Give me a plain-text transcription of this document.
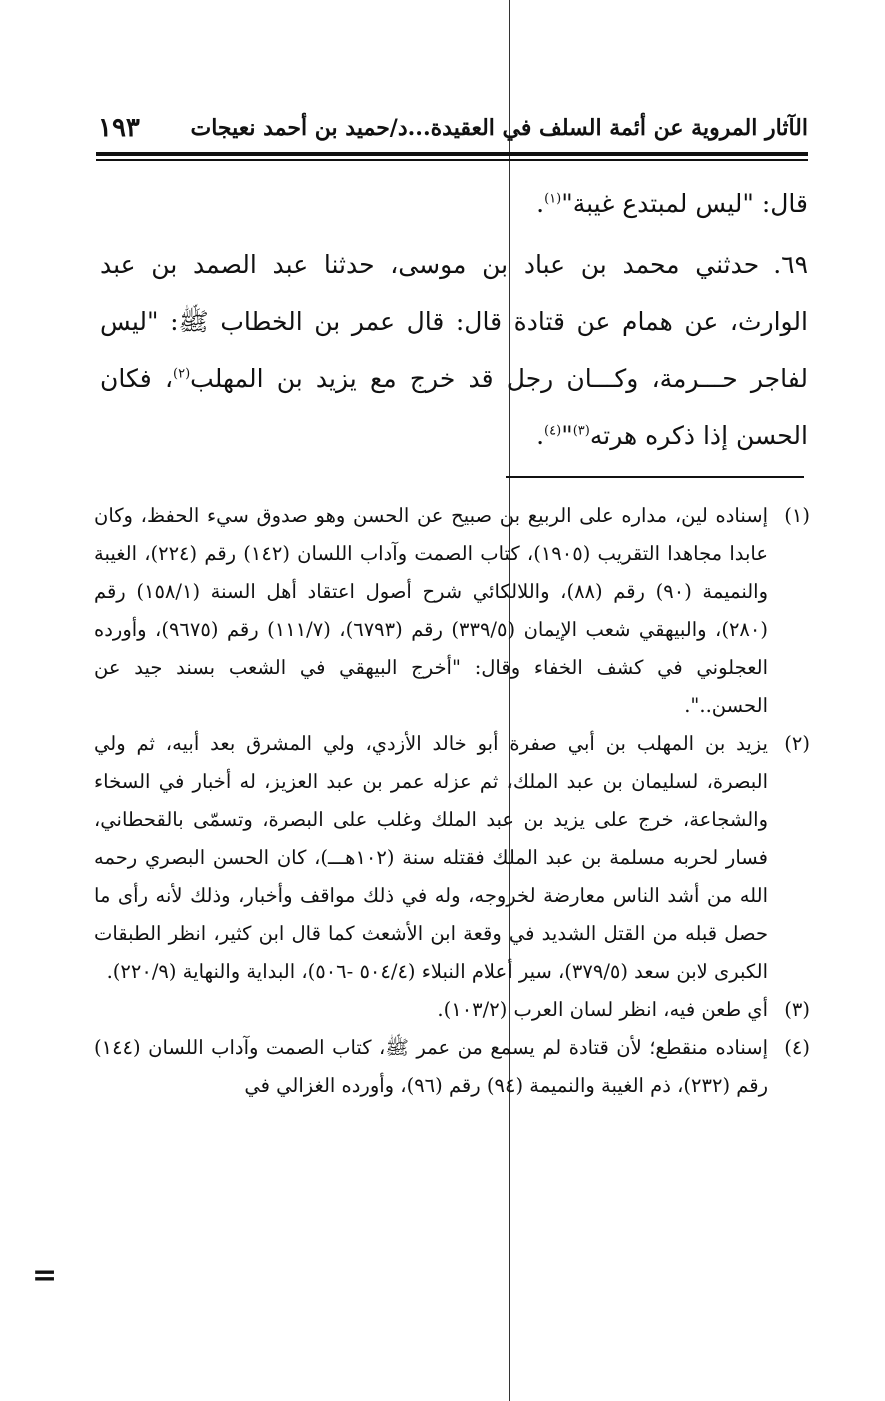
الآثار المروية عن أئمة السلف في العقيدة...د/حميد بن أحمد نعيجات
١٩٣

قال: "ليس لمبتدع غيبة"$^{(١)}$.

٦٩.حدثني محمد بن عباد بن موسى، حدثنا عبد الصمد بن عبد الوارث، عن همام عن قتادة قال: قال عمر بن الخطاب ﷺ: "ليس لفاجر حـــرمة، وكـــان رجل قد خرج مع يزيد بن المهلب$^{(٢)}$، فكان الحسن إذا ذكره هرته$^{(٣)}$"$^{(٤)}$.

(١)
إسناده لين، مداره على الربيع بن صبيح عن الحسن وهو صدوق سيء الحفظ، وكان عابدا مجاهدا التقريب (١٩٠٥)، كتاب الصمت وآداب اللسان (١٤٢) رقم (٢٢٤)، الغيبة والنميمة (٩٠) رقم (٨٨)، واللالكائي شرح أصول اعتقاد أهل السنة (١٥٨/١) رقم (٢٨٠)، والبيهقي شعب الإيمان (٣٣٩/٥) رقم (٦٧٩٣)، (١١١/٧) رقم (٩٦٧٥)، وأورده العجلوني في كشف الخفاء وقال: "أخرج البيهقي في الشعب بسند جيد عن الحسن..".

(٢)
يزيد بن المهلب بن أبي صفرة أبو خالد الأزدي، ولي المشرق بعد أبيه، ثم ولي البصرة، لسليمان بن عبد الملك، ثم عزله عمر بن عبد العزيز، له أخبار في السخاء والشجاعة، خرج على يزيد بن عبد الملك وغلب على البصرة، وتسمّى بالقحطاني، فسار لحربه مسلمة بن عبد الملك فقتله سنة (١٠٢هـــ)، كان الحسن البصري رحمه الله من أشد الناس معارضة لخروجه، وله في ذلك مواقف وأخبار، وذلك لأنه رأى ما حصل قبله من القتل الشديد في وقعة ابن الأشعث كما قال ابن كثير، انظر الطبقات الكبرى لابن سعد (٣٧٩/٥)، سير أعلام النبلاء (٥٠٤/٤ -٥٠٦)، البداية والنهاية (٢٢٠/٩).

(٣)
أي طعن فيه، انظر لسان العرب (١٠٣/٢).

(٤)
إسناده منقطع؛ لأن قتادة لم يسمع من عمر ﷺ، كتاب الصمت وآداب اللسان (١٤٤) رقم (٢٣٢)، ذم الغيبة والنميمة (٩٤) رقم (٩٦)، وأورده الغزالي في

=
